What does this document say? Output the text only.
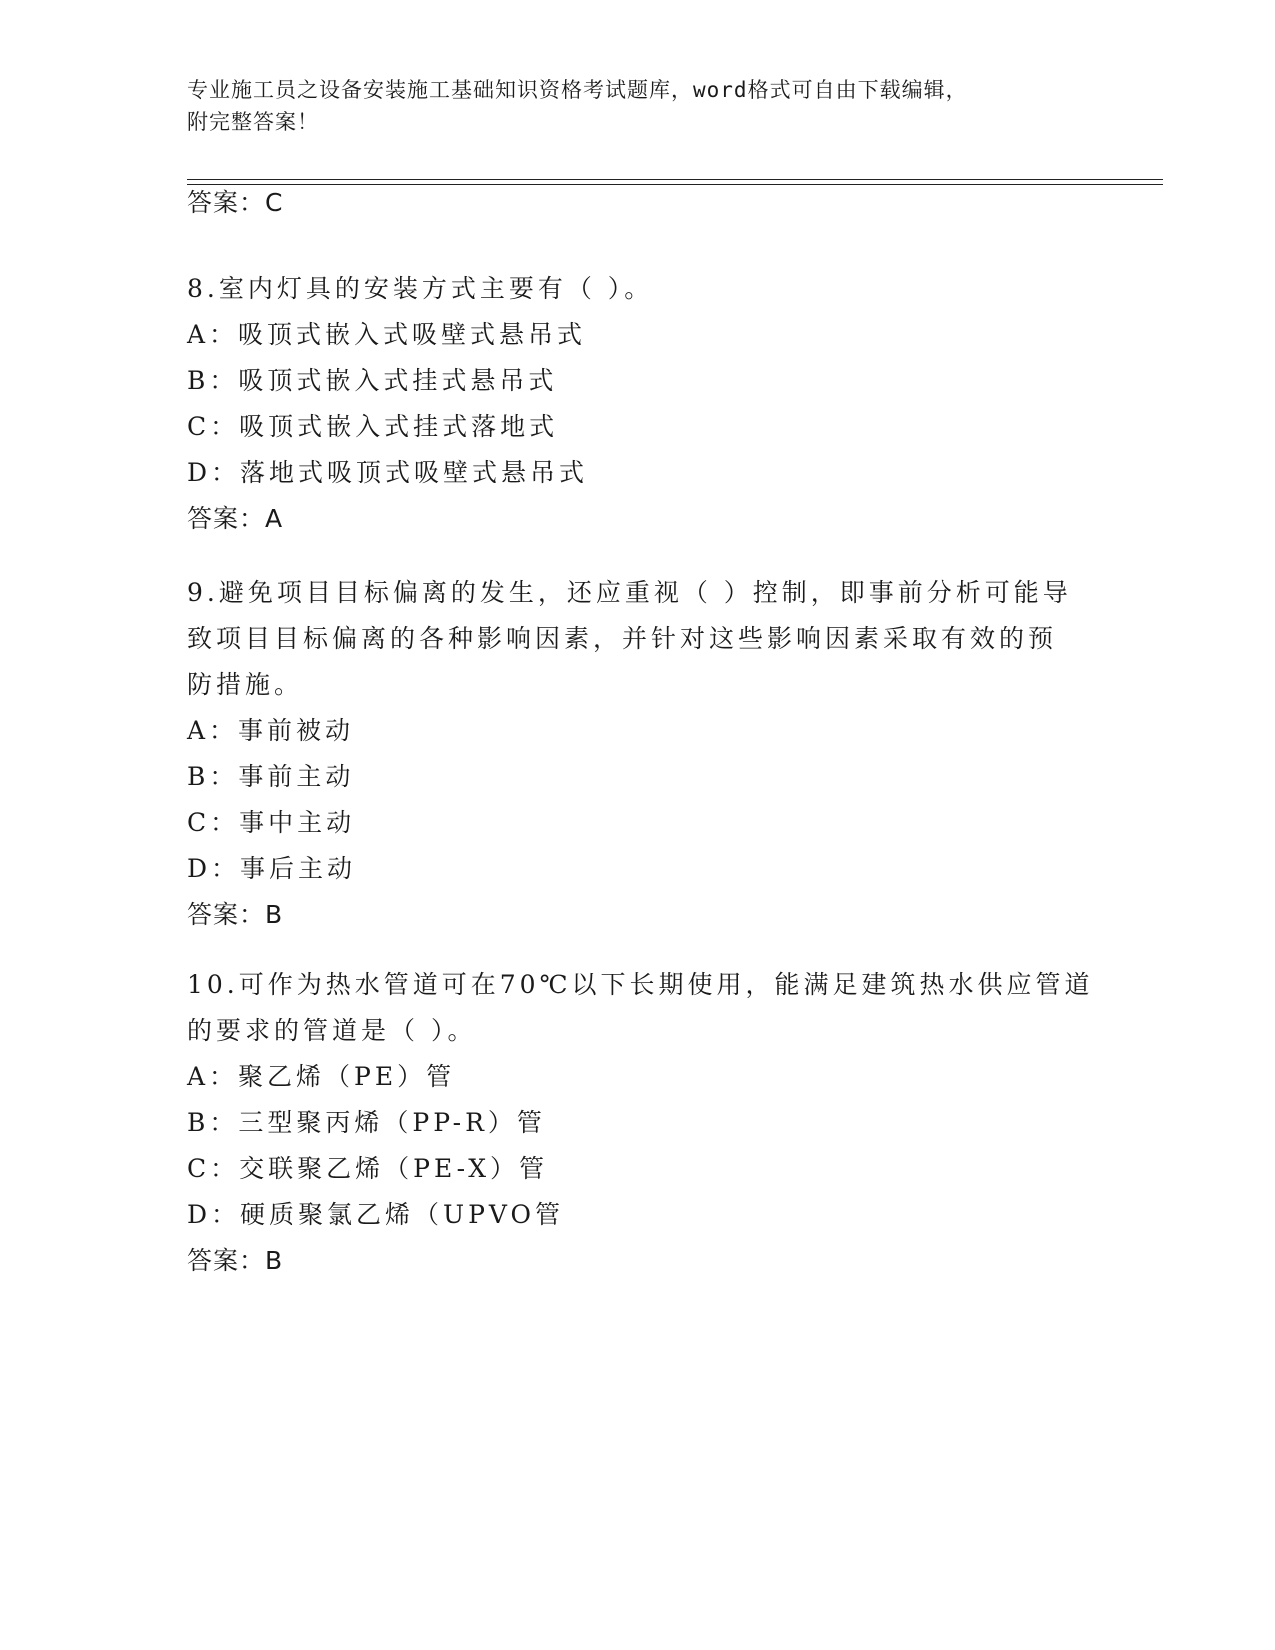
专业施工员之设备安装施工基础知识资格考试题库，word格式可自由下载编辑，
附完整答案！
答案：C
8.室内灯具的安装方式主要有（ ）。
A：吸顶式嵌入式吸壁式悬吊式
B：吸顶式嵌入式挂式悬吊式
C：吸顶式嵌入式挂式落地式
D：落地式吸顶式吸壁式悬吊式
答案：A
9.避免项目目标偏离的发生，还应重视（ ）控制，即事前分析可能导
致项目目标偏离的各种影响因素，并针对这些影响因素采取有效的预
防措施。
A：事前被动
B：事前主动
C：事中主动
D：事后主动
答案：B
10.可作为热水管道可在70℃以下长期使用，能满足建筑热水供应管道
的要求的管道是（ ）。
A：聚乙烯（PE）管
B：三型聚丙烯（PP-R）管
C：交联聚乙烯（PE-X）管
D：硬质聚氯乙烯（UPVO管
答案：B
